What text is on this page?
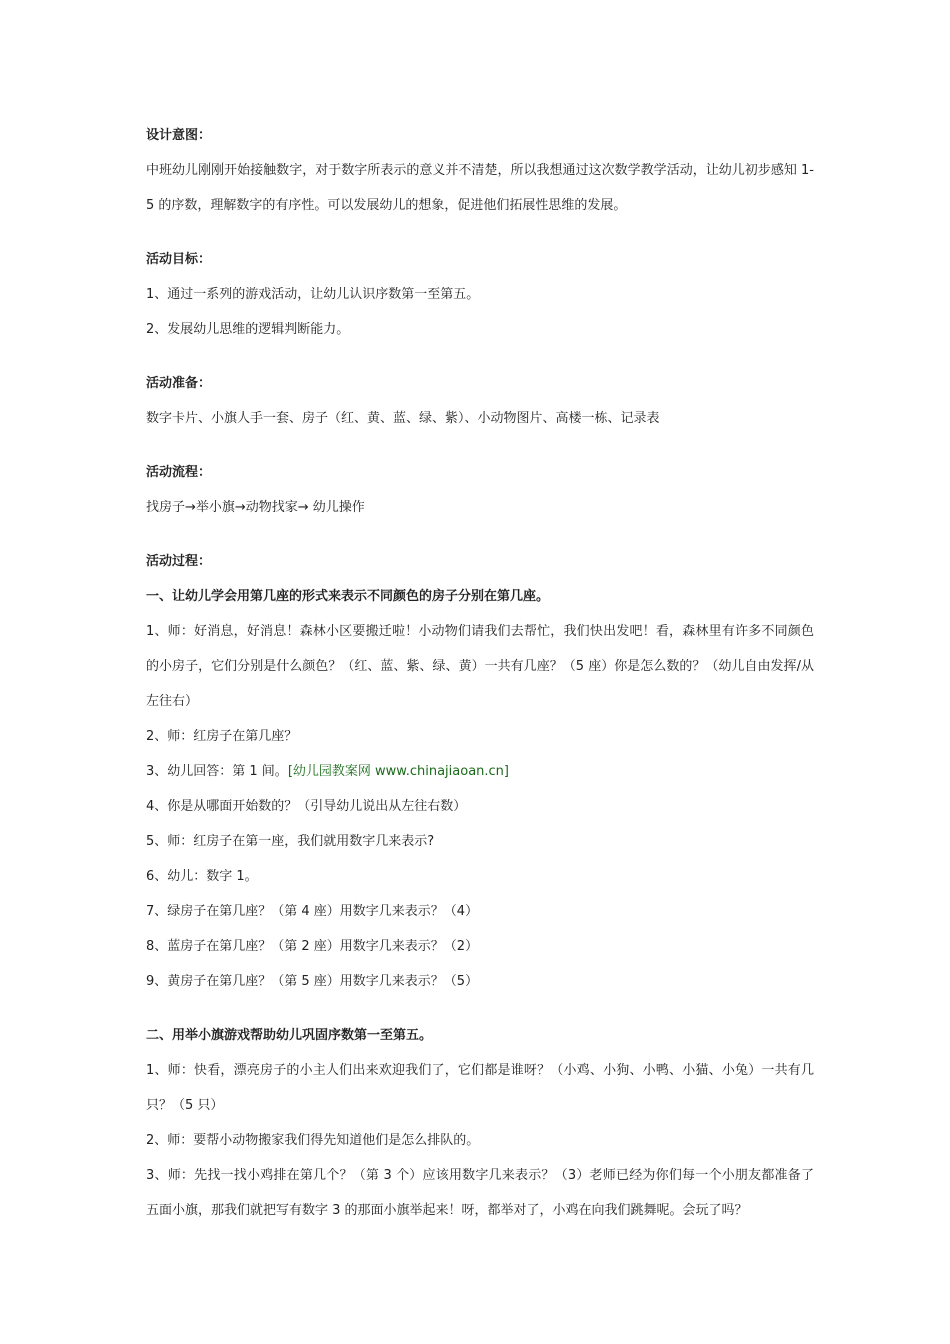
设计意图：

中班幼儿刚刚开始接触数字，对于数字所表示的意义并不清楚，所以我想通过这次数学教学活动，让幼儿初步感知 1-5 的序数，理解数字的有序性。可以发展幼儿的想象，促进他们拓展性思维的发展。

活动目标：

1、通过一系列的游戏活动，让幼儿认识序数第一至第五。

2、发展幼儿思维的逻辑判断能力。

活动准备：

数字卡片、小旗人手一套、房子（红、黄、蓝、绿、紫）、小动物图片、高楼一栋、记录表

活动流程：

找房子→举小旗→动物找家→ 幼儿操作

活动过程：
一、让幼儿学会用第几座的形式来表示不同颜色的房子分别在第几座。

1、师：好消息，好消息！森林小区要搬迁啦！小动物们请我们去帮忙，我们快出发吧！看，森林里有许多不同颜色的小房子，它们分别是什么颜色？（红、蓝、紫、绿、黄）一共有几座？（5 座）你是怎么数的？（幼儿自由发挥/从左往右）

2、师：红房子在第几座？

3、幼儿回答：第 1 间。[幼儿园教案网 www.chinajiaoan.cn]

4、你是从哪面开始数的？（引导幼儿说出从左往右数）

5、师：红房子在第一座，我们就用数字几来表示?

6、幼儿：数字 1。

7、绿房子在第几座？（第 4 座）用数字几来表示？（4）

8、蓝房子在第几座？（第 2 座）用数字几来表示？（2）

9、黄房子在第几座？（第 5 座）用数字几来表示？（5）

二、用举小旗游戏帮助幼儿巩固序数第一至第五。

1、师：快看，漂亮房子的小主人们出来欢迎我们了，它们都是谁呀？（小鸡、小狗、小鸭、小猫、小兔）一共有几只？（5 只）

2、师：要帮小动物搬家我们得先知道他们是怎么排队的。

3、师：先找一找小鸡排在第几个？（第 3 个）应该用数字几来表示？（3）老师已经为你们每一个小朋友都准备了五面小旗，那我们就把写有数字 3 的那面小旗举起来！呀，都举对了，小鸡在向我们跳舞呢。会玩了吗？
